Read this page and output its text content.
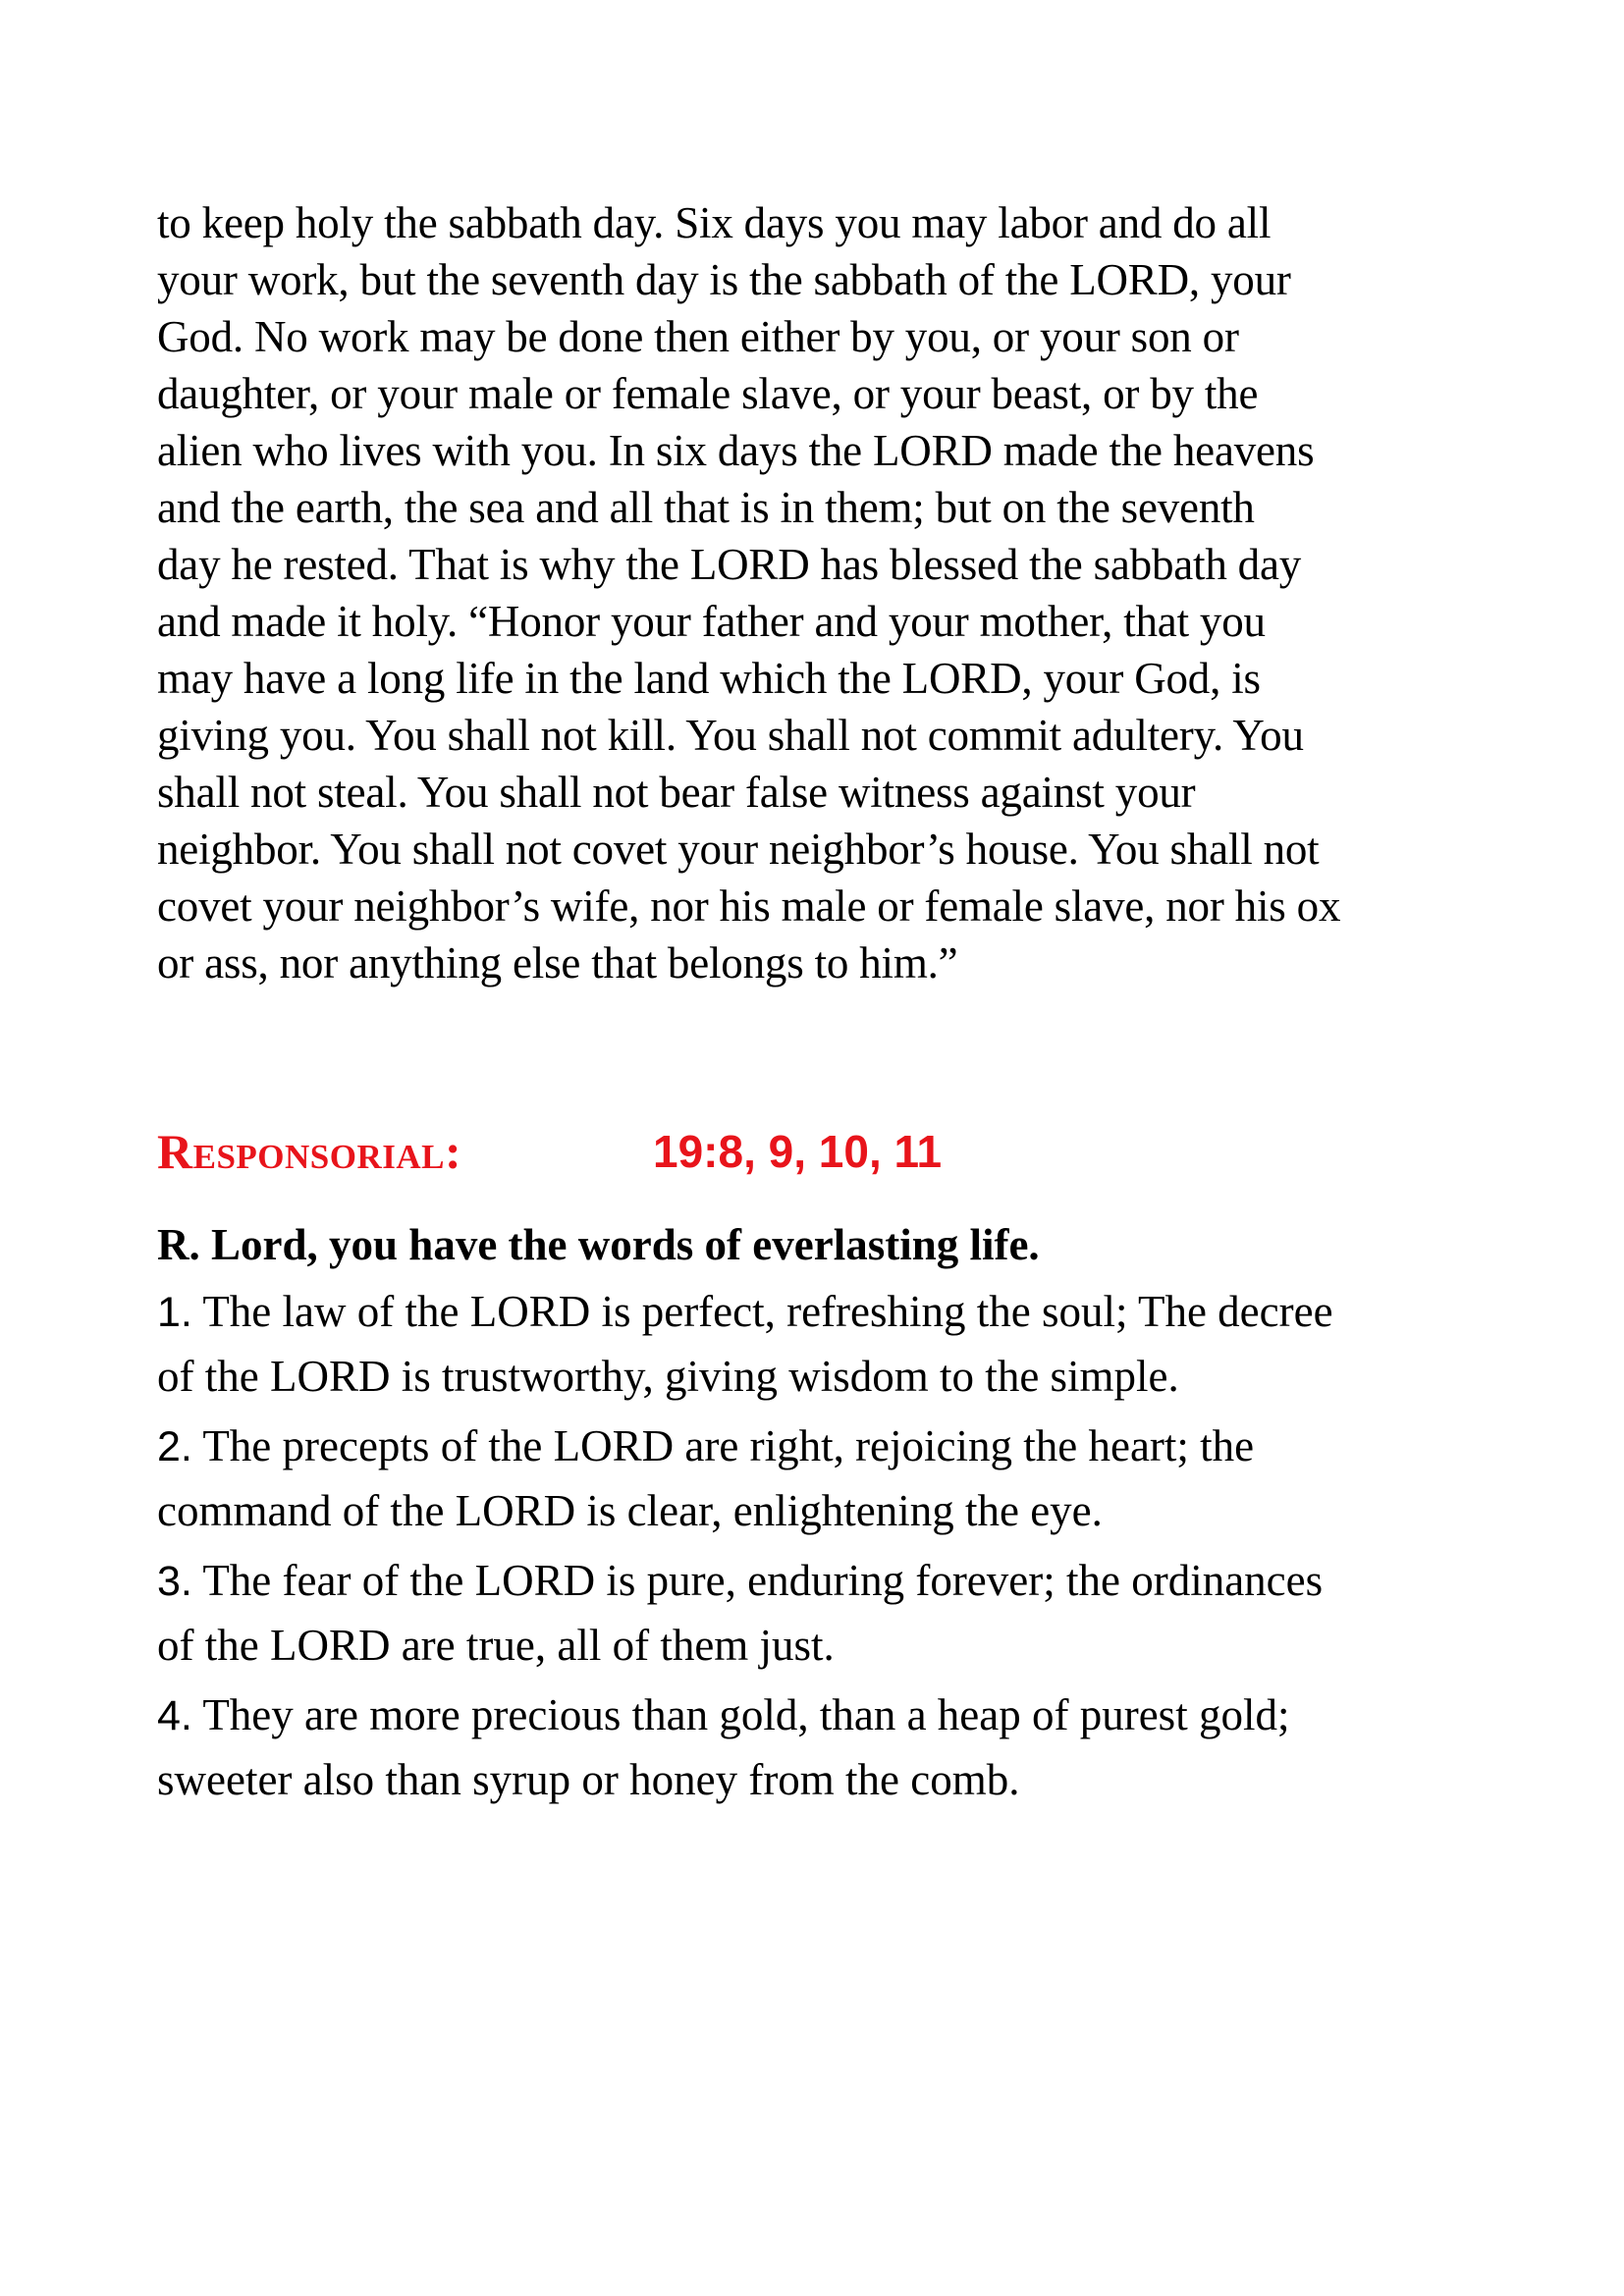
to keep holy the sabbath day. Six days you may labor and do all
your work, but the seventh day is the sabbath of the LORD, your
God. No work may be done then either by you, or your son or
daughter, or your male or female slave, or your beast, or by the
alien who lives with you. In six days the LORD made the heavens
and the earth, the sea and all that is in them; but on the seventh
day he rested. That is why the LORD has blessed the sabbath day
and made it holy. “Honor your father and your mother, that you
may have a long life in the land which the LORD, your God, is
giving you. You shall not kill. You shall not commit adultery. You
shall not steal. You shall not bear false witness against your
neighbor. You shall not covet your neighbor’s house. You shall not
covet your neighbor’s wife, nor his male or female slave, nor his ox
or ass, nor anything else that belongs to him.”
Responsorial:	19:8, 9, 10, 11
R. Lord, you have the words of everlasting life.
1. The law of the LORD is perfect, refreshing the soul; The decree
of the LORD is trustworthy, giving wisdom to the simple.
2. The precepts of the LORD are right, rejoicing the heart; the
command of the LORD is clear, enlightening the eye.
3. The fear of the LORD is pure, enduring forever; the ordinances
of the LORD are true, all of them just.
4. They are more precious than gold, than a heap of purest gold;
sweeter also than syrup or honey from the comb.
